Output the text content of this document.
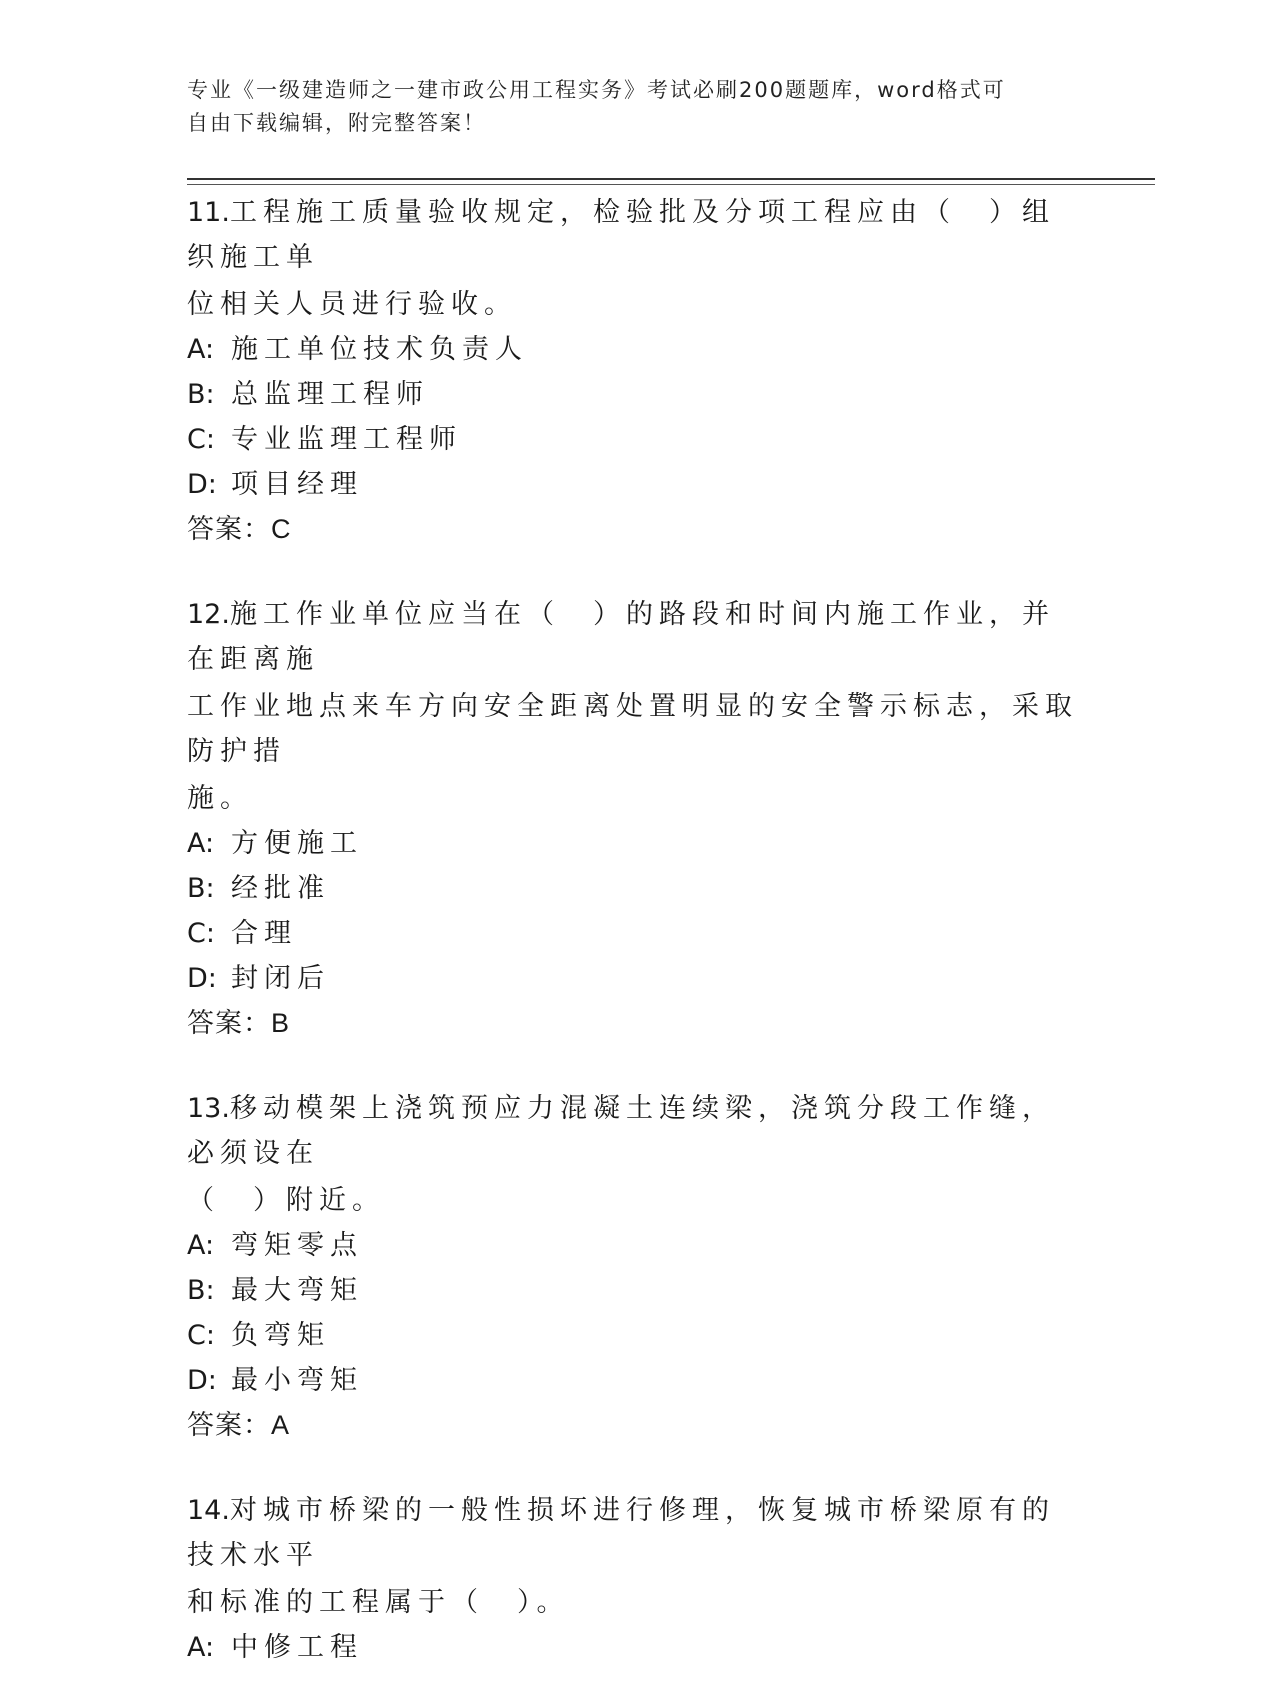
专业《一级建造师之一建市政公用工程实务》考试必刷200题题库，word格式可
自由下载编辑，附完整答案！
11.工程施工质量验收规定，检验批及分项工程应由（　）组织施工单
位相关人员进行验收。
A: 施工单位技术负责人
B: 总监理工程师
C: 专业监理工程师
D: 项目经理
答案：C
12.施工作业单位应当在（　）的路段和时间内施工作业，并在距离施
工作业地点来车方向安全距离处置明显的安全警示标志，采取防护措
施。
A: 方便施工
B: 经批准
C: 合理
D: 封闭后
答案：B
13.移动模架上浇筑预应力混凝土连续梁，浇筑分段工作缝，必须设在
（　）附近。
A: 弯矩零点
B: 最大弯矩
C: 负弯矩
D: 最小弯矩
答案：A
14.对城市桥梁的一般性损坏进行修理，恢复城市桥梁原有的技术水平
和标准的工程属于（　）。
A: 中修工程
